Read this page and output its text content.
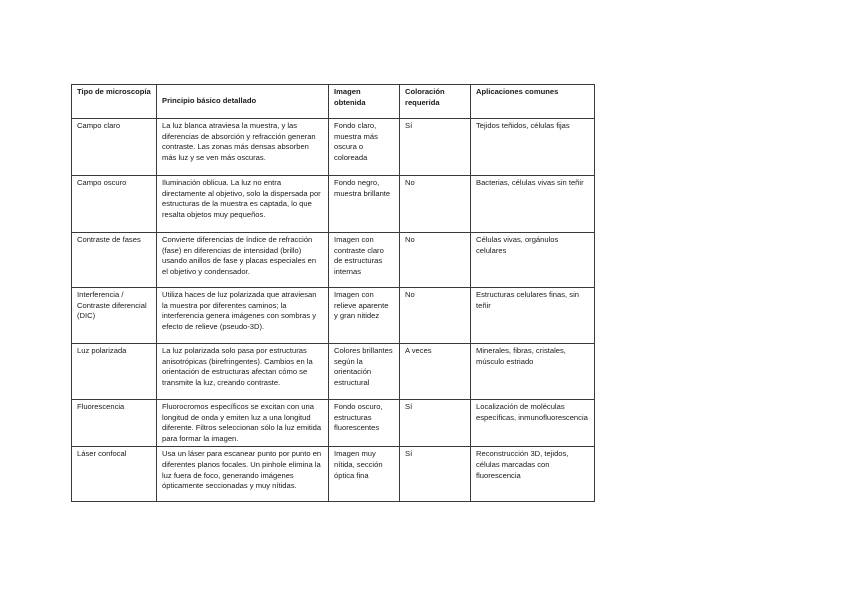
Tipo de microscopía	Principio básico detallado	Imagen obtenida	Coloración requerida	Aplicaciones comunes
Campo claro	La luz blanca atraviesa la muestra, y las diferencias de absorción y refracción generan contraste. Las zonas más densas absorben más luz y se ven más oscuras.	Fondo claro, muestra más oscura o coloreada	Sí	Tejidos teñidos, células fijas
Campo oscuro	Iluminación oblicua. La luz no entra directamente al objetivo, solo la dispersada por estructuras de la muestra es captada, lo que resalta objetos muy pequeños.	Fondo negro, muestra brillante	No	Bacterias, células vivas sin teñir
Contraste de fases	Convierte diferencias de índice de refracción (fase) en diferencias de intensidad (brillo) usando anillos de fase y placas especiales en el objetivo y condensador.	Imagen con contraste claro de estructuras internas	No	Células vivas, orgánulos celulares
Interferencia / Contraste diferencial (DIC)	Utiliza haces de luz polarizada que atraviesan la muestra por diferentes caminos; la interferencia genera imágenes con sombras y efecto de relieve (pseudo-3D).	Imagen con relieve aparente y gran nitidez	No	Estructuras celulares finas, sin teñir
Luz polarizada	La luz polarizada solo pasa por estructuras anisotrópicas (birefringentes). Cambios en la orientación de estructuras afectan cómo se transmite la luz, creando contraste.	Colores brillantes según la orientación estructural	A veces	Minerales, fibras, cristales, músculo estriado
Fluorescencia	Fluorocromos específicos se excitan con una longitud de onda y emiten luz a una longitud diferente. Filtros seleccionan sólo la luz emitida para formar la imagen.	Fondo oscuro, estructuras fluorescentes	Sí	Localización de moléculas específicas, inmunofluorescencia
Láser confocal	Usa un láser para escanear punto por punto en diferentes planos focales. Un pinhole elimina la luz fuera de foco, generando imágenes ópticamente seccionadas y muy nítidas.	Imagen muy nítida, sección óptica fina	Sí	Reconstrucción 3D, tejidos, células marcadas con fluorescencia
